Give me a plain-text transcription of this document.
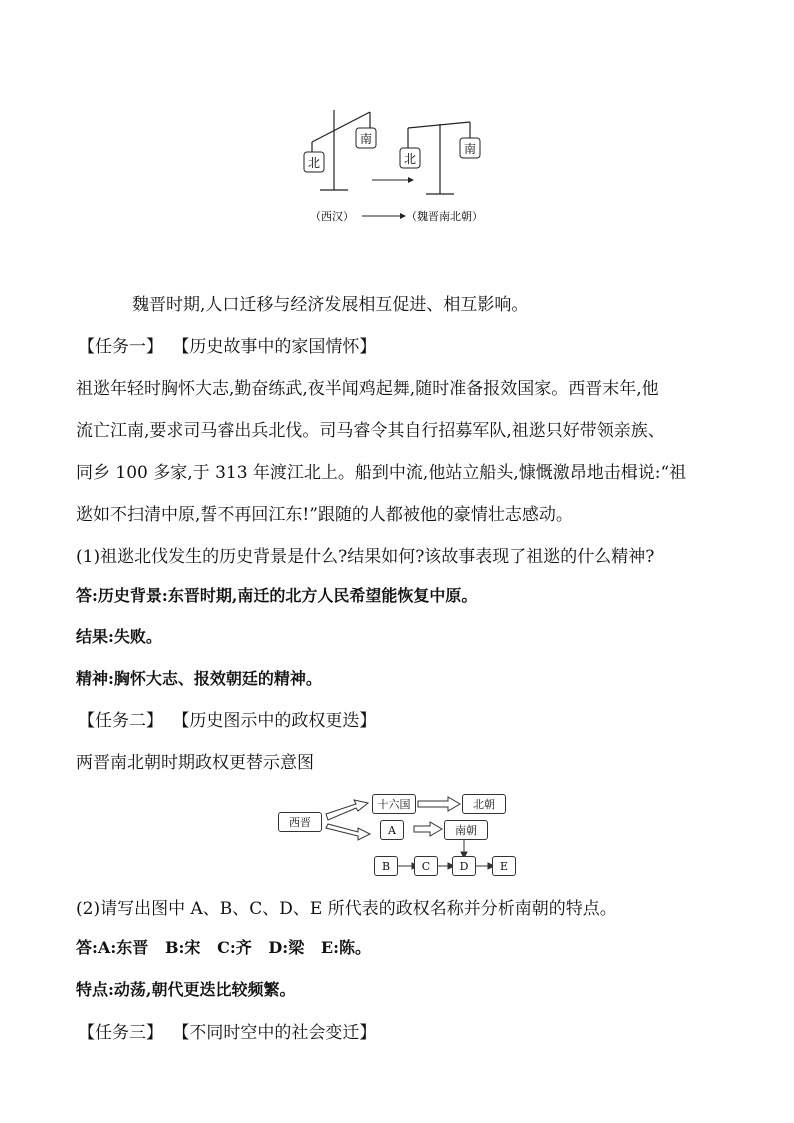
北
南
北
南
（西汉）	（魏晋南北朝）
魏晋时期,人口迁移与经济发展相互促进、相互影响。
【任务一】 【历史故事中的家国情怀】
祖逖年轻时胸怀大志,勤奋练武,夜半闻鸡起舞,随时准备报效国家。西晋末年,他
流亡江南,要求司马睿出兵北伐。司马睿令其自行招募军队,祖逖只好带领亲族、
同乡 100 多家,于 313 年渡江北上。船到中流,他站立船头,慷慨激昂地击楫说:“祖
逖如不扫清中原,誓不再回江东!”跟随的人都被他的豪情壮志感动。
(1)祖逖北伐发生的历史背景是什么?结果如何?该故事表现了祖逖的什么精神?
答:历史背景:东晋时期,南迁的北方人民希望能恢复中原。
结果:失败。
精神:胸怀大志、报效朝廷的精神。
【任务二】 【历史图示中的政权更迭】
两晋南北朝时期政权更替示意图
西晋
十六国	北朝
A	南朝
B	C	D	E
(2)请写出图中 A、B、C、D、E 所代表的政权名称并分析南朝的特点。
答:A:东晋   B:宋   C:齐   D:梁   E:陈。
特点:动荡,朝代更迭比较频繁。
【任务三】 【不同时空中的社会变迁】
